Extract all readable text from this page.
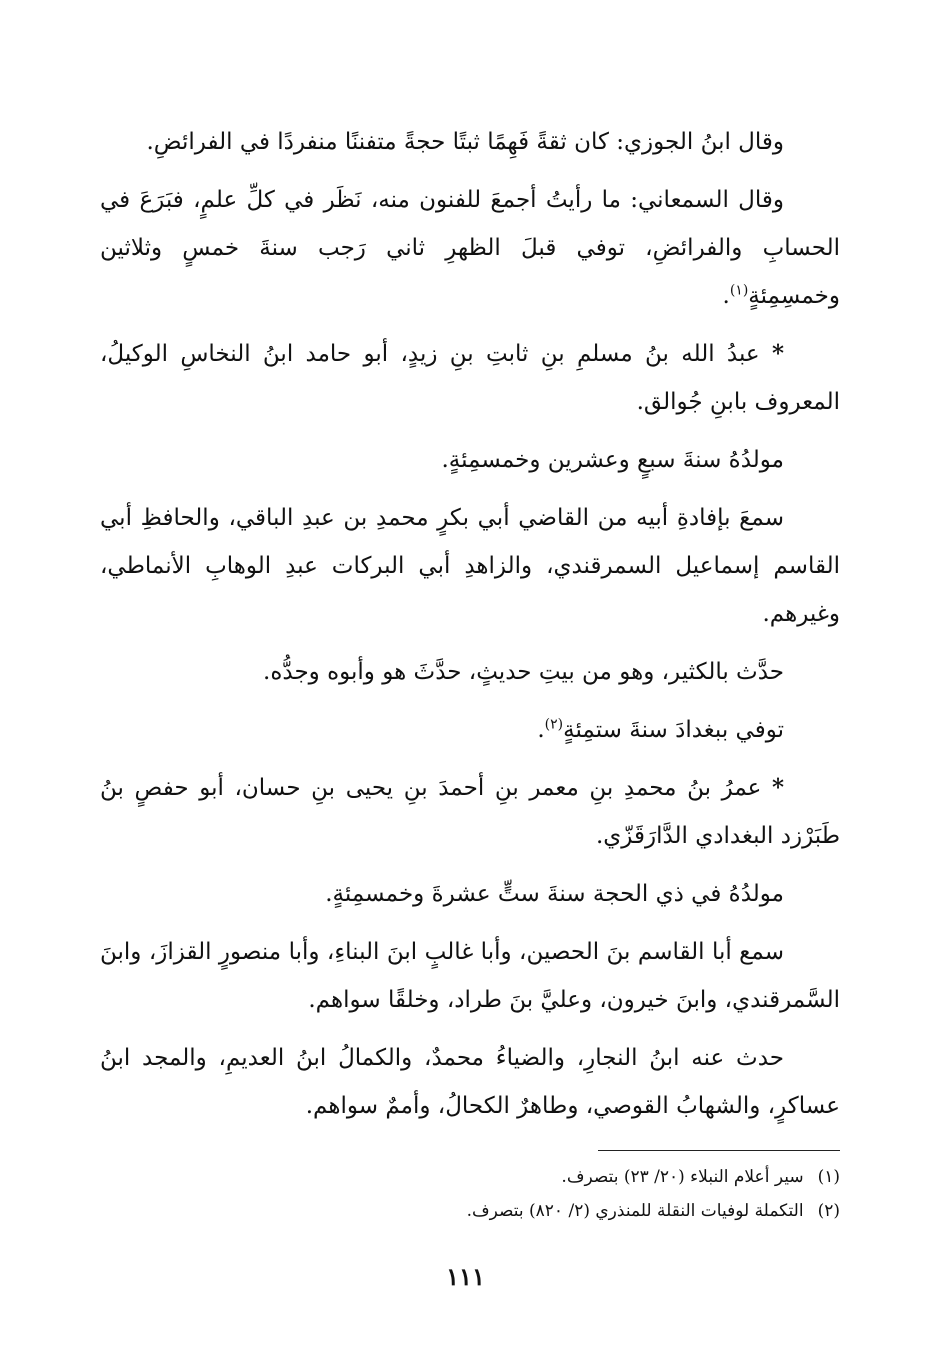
وقال ابنُ الجوزي: كان ثقةً فَهِمًا ثبتًا حجةً متفننًا منفردًا في الفرائضِ.

وقال السمعاني: ما رأيتُ أجمعَ للفنون منه، نَظَر في كلِّ علمٍ، فبَرَعَ في الحسابِ والفرائضِ، توفي قبلَ الظهرِ ثاني رَجب سنةَ خمسٍ وثلاثين وخمسِمِئةٍ$^{(١)}$.

* عبدُ الله بنُ مسلمِ بنِ ثابتِ بنِ زيدٍ، أبو حامد ابنُ النخاسِ الوكيلُ، المعروف بابنِ جُوالق.

مولدُهُ سنةَ سبعٍ وعشرين وخمسمِئةٍ.

سمعَ بإفادةِ أبيه من القاضي أبي بكرٍ محمدِ بن عبدِ الباقي، والحافظِ أبي القاسم إسماعيل السمرقندي، والزاهدِ أبي البركات عبدِ الوهابِ الأنماطي، وغيرهم.

حدَّث بالكثير، وهو من بيتِ حديثٍ، حدَّثَ هو وأبوه وجدُّه.

توفي ببغدادَ سنةَ ستمِئةٍ$^{(٢)}$.

* عمرُ بنُ محمدِ بنِ معمر بنِ أحمدَ بنِ يحيى بنِ حسان، أبو حفصٍ بنُ طَبَرْزد البغدادي الدَّارَقَزّي.

مولدُهُ في ذي الحجة سنةَ ستٍّ عشرةَ وخمسمِئةٍ.

سمع أبا القاسم بنَ الحصين، وأبا غالبٍ ابنَ البناءِ، وأبا منصورٍ القزازَ، وابنَ السَّمرقندي، وابنَ خيرون، وعليَّ بنَ طراد، وخلقًا سواهم.

حدث عنه ابنُ النجارِ، والضياءُ محمدٌ، والكمالُ ابنُ العديمِ، والمجد ابنُ عساكرٍ، والشهابُ القوصي، وطاهرٌ الكحالُ، وأممٌ سواهم.

(١)سير أعلام النبلاء (٢٠/ ٢٣) بتصرف.

(٢)التكملة لوفيات النقلة للمنذري (٢/ ٨٢٠) بتصرف.

١١١
